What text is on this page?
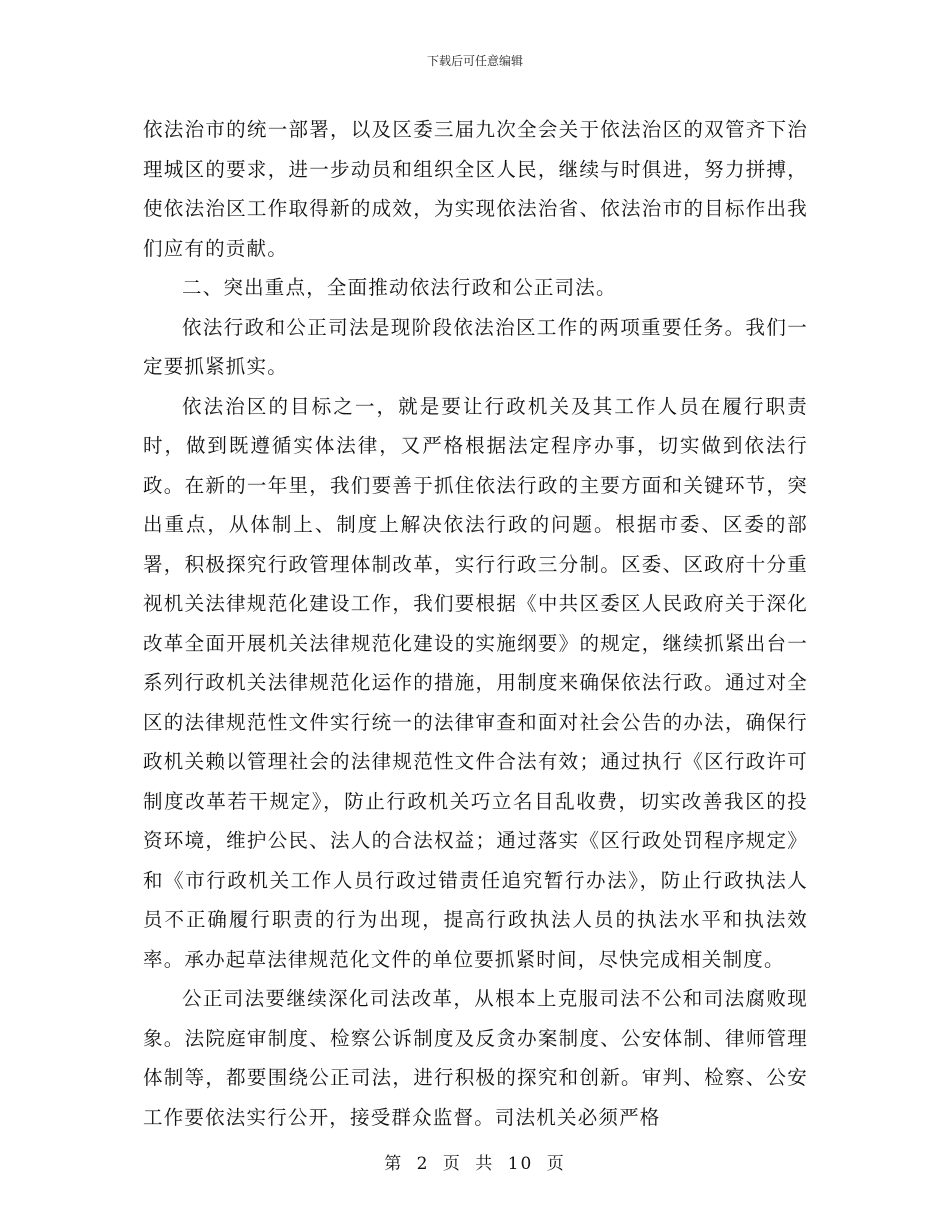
下载后可任意编辑

依法治市的统一部署，以及区委三届九次全会关于依法治区的双管齐下治理城区的要求，进一步动员和组织全区人民，继续与时俱进，努力拼搏，使依法治区工作取得新的成效，为实现依法治省、依法治市的目标作出我们应有的贡献。

二、突出重点，全面推动依法行政和公正司法。

依法行政和公正司法是现阶段依法治区工作的两项重要任务。我们一定要抓紧抓实。

依法治区的目标之一，就是要让行政机关及其工作人员在履行职责时，做到既遵循实体法律，又严格根据法定程序办事，切实做到依法行政。在新的一年里，我们要善于抓住依法行政的主要方面和关键环节，突出重点，从体制上、制度上解决依法行政的问题。根据市委、区委的部署，积极探究行政管理体制改革，实行行政三分制。区委、区政府十分重视机关法律规范化建设工作，我们要根据《中共区委区人民政府关于深化改革全面开展机关法律规范化建设的实施纲要》的规定，继续抓紧出台一系列行政机关法律规范化运作的措施，用制度来确保依法行政。通过对全区的法律规范性文件实行统一的法律审查和面对社会公告的办法，确保行政机关赖以管理社会的法律规范性文件合法有效；通过执行《区行政许可制度改革若干规定》，防止行政机关巧立名目乱收费，切实改善我区的投资环境，维护公民、法人的合法权益；通过落实《区行政处罚程序规定》和《市行政机关工作人员行政过错责任追究暂行办法》，防止行政执法人员不正确履行职责的行为出现，提高行政执法人员的执法水平和执法效率。承办起草法律规范化文件的单位要抓紧时间，尽快完成相关制度。

公正司法要继续深化司法改革，从根本上克服司法不公和司法腐败现象。法院庭审制度、检察公诉制度及反贪办案制度、公安体制、律师管理体制等，都要围绕公正司法，进行积极的探究和创新。审判、检察、公安工作要依法实行公开，接受群众监督。司法机关必须严格

第 2 页 共 10 页
